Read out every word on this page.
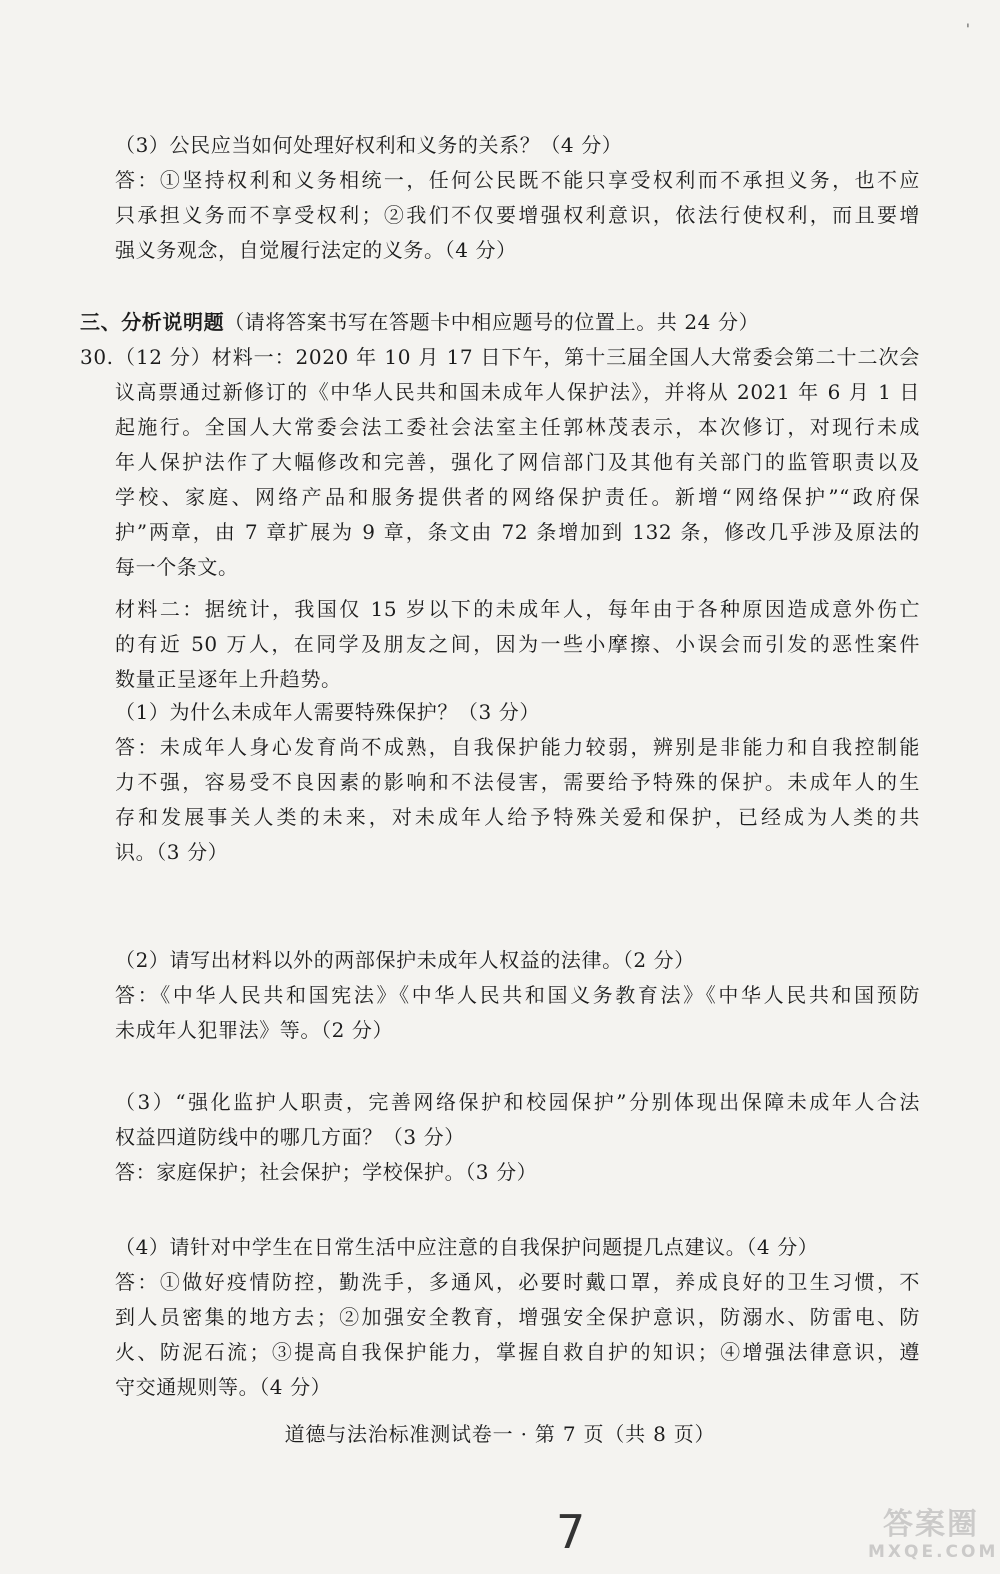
'
（3）公民应当如何处理好权利和义务的关系？（4 分）
答：①坚持权利和义务相统一，任何公民既不能只享受权利而不承担义务，也不应
只承担义务而不享受权利；②我们不仅要增强权利意识，依法行使权利，而且要增
强义务观念，自觉履行法定的义务。（4 分）
三、分析说明题（请将答案书写在答题卡中相应题号的位置上。共 24 分）
30. （12 分）材料一：2020 年 10 月 17 日下午，第十三届全国人大常委会第二十二次会
议高票通过新修订的《中华人民共和国未成年人保护法》，并将从 2021 年 6 月 1 日
起施行。全国人大常委会法工委社会法室主任郭林茂表示，本次修订，对现行未成
年人保护法作了大幅修改和完善，强化了网信部门及其他有关部门的监管职责以及
学校、家庭、网络产品和服务提供者的网络保护责任。新增“网络保护”“政府保
护”两章，由 7 章扩展为 9 章，条文由 72 条增加到 132 条，修改几乎涉及原法的
每一个条文。
材料二：据统计，我国仅 15 岁以下的未成年人，每年由于各种原因造成意外伤亡
的有近 50 万人，在同学及朋友之间，因为一些小摩擦、小误会而引发的恶性案件
数量正呈逐年上升趋势。
（1）为什么未成年人需要特殊保护？（3 分）
答：未成年人身心发育尚不成熟，自我保护能力较弱，辨别是非能力和自我控制能
力不强，容易受不良因素的影响和不法侵害，需要给予特殊的保护。未成年人的生
存和发展事关人类的未来，对未成年人给予特殊关爱和保护，已经成为人类的共
识。（3 分）
（2）请写出材料以外的两部保护未成年人权益的法律。（2 分）
答：《中华人民共和国宪法》《中华人民共和国义务教育法》《中华人民共和国预防
未成年人犯罪法》等。（2 分）
（3）“强化监护人职责，完善网络保护和校园保护”分别体现出保障未成年人合法
权益四道防线中的哪几方面？（3 分）
答：家庭保护；社会保护；学校保护。（3 分）
（4）请针对中学生在日常生活中应注意的自我保护问题提几点建议。（4 分）
答：①做好疫情防控，勤洗手，多通风，必要时戴口罩，养成良好的卫生习惯，不
到人员密集的地方去；②加强安全教育，增强安全保护意识，防溺水、防雷电、防
火、防泥石流；③提高自我保护能力，掌握自救自护的知识；④增强法律意识，遵
守交通规则等。（4 分）
道德与法治标准测试卷一 · 第 7 页（共 8 页）
7	答案圈
MXQE.COM
